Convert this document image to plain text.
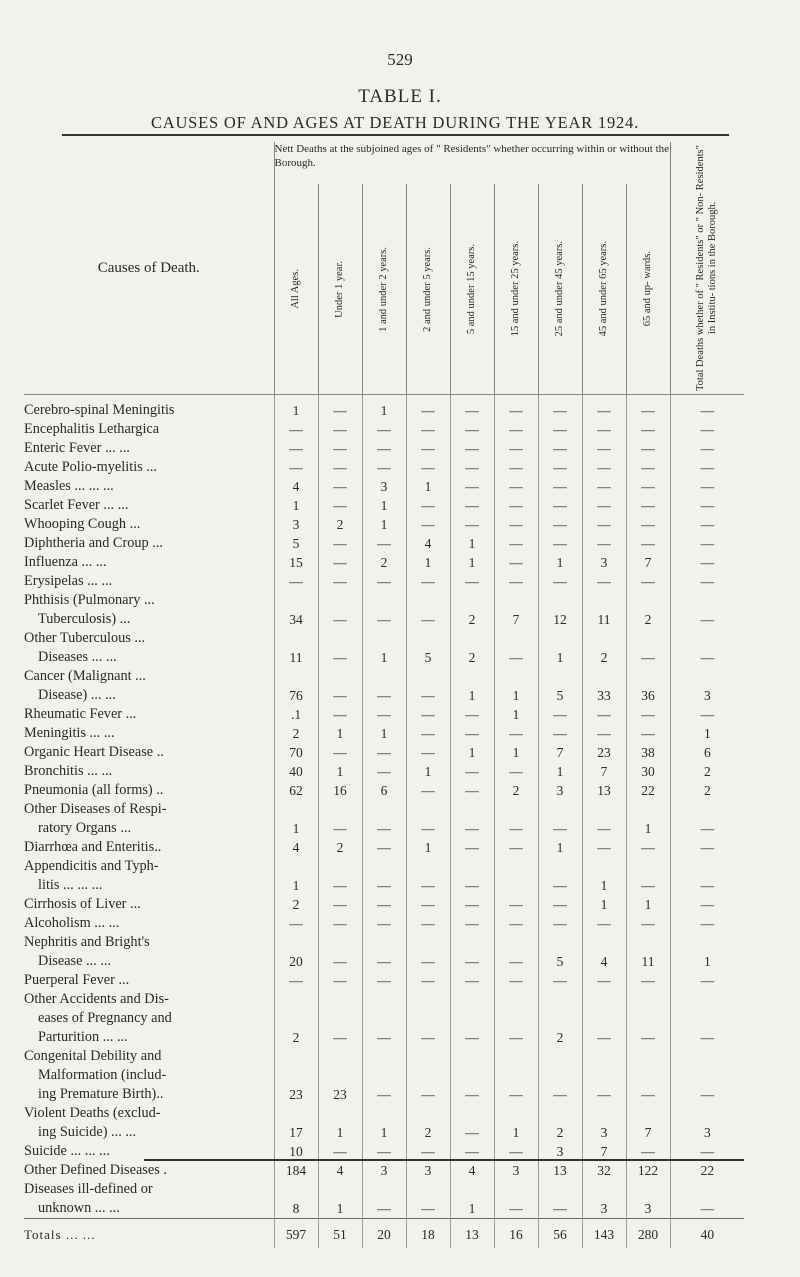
529
TABLE I.
CAUSES OF AND AGES AT DEATH DURING THE YEAR 1924.
Causes of Death.	Nett Deaths at the subjoined ages of " Residents" whether occurring within or without the Borough.									Total Deaths whether of " Residents" or " Non- Residents" in Institu- tions in the Borough.

	All Ages.	Under 1 year.	1 and under 2 years.	2 and under 5 years.	5 and under 15 years.	15 and under 25 years.	25 and under 45 years.	45 and under 65 years.	65 and up- wards.	

Cerebro-spinal Meningitis	1	—	1	—	—	—	—	—	—	—

Encephalitis Lethargica	—	—	—	—	—	—	—	—	—	—

Enteric Fever ... ...	—	—	—	—	—	—	—	—	—	—

Acute Polio-myelitis ...	—	—	—	—	—	—	—	—	—	—

Measles ... ... ...	4	—	3	1	—	—	—	—	—	—

Scarlet Fever ... ...	1	—	1	—	—	—	—	—	—	—

Whooping Cough ...	3	2	1	—	—	—	—	—	—	—

Diphtheria and Croup ...	5	—	—	4	1	—	—	—	—	—

Influenza ... ...	15	—	2	1	1	—	1	3	7	—

Erysipelas ... ...	—	—	—	—	—	—	—	—	—	—

Phthisis (Pulmonary ...
Tuberculosis) ...	34	—	—	—	2	7	12	11	2	—

Other Tuberculous ...
Diseases ... ...	11	—	1	5	2	—	1	2	—	—

Cancer (Malignant ...
Disease) ... ...	76	—	—	—	1	1	5	33	36	3

Rheumatic Fever ...	.1	—	—	—	—	1	—	—	—	—

Meningitis ... ...	2	1	1	—	—	—	—	—	—	1

Organic Heart Disease ..	70	—	—	—	1	1	7	23	38	6

Bronchitis ... ...	40	1	—	1	—	—	1	7	30	2

Pneumonia (all forms) ..	62	16	6	—	—	2	3	13	22	2

Other Diseases of Respi-
ratory Organs ...	1	—	—	—	—	—	—	—	1	—

Diarrhœa and Enteritis..	4	2	—	1	—	—	1	—	—	—

Appendicitis and Typh-
litis ... ... ...	1	—	—	—	—		—	1	—	—

Cirrhosis of Liver ...	2	—	—	—	—	—	—	1	1	—

Alcoholism ... ...	—	—	—	—	—	—	—	—	—	—

Nephritis and Bright's
Disease ... ...	20	—	—	—	—	—	5	4	11	1

Puerperal Fever ...	—	—	—	—	—	—	—	—	—	—

Other Accidents and Dis-
eases of Pregnancy and
Parturition ... ...	2	—	—	—	—	—	2	—	—	—

Congenital Debility and
Malformation (includ-
ing Premature Birth)..	23	23	—	—	—	—	—	—	—	—

Violent Deaths (exclud-
ing Suicide) ... ...	17	1	1	2	—	1	2	3	7	3

Suicide ... ... ...	10	—	—	—	—	—	3	7	—	—

Other Defined Diseases .	184	4	3	3	4	3	13	32	122	22

Diseases ill-defined or
unknown ... ...	8	1	—	—	1	—	—	3	3	—
Totals ... ...	597	51	20	18	13	16	56	143	280	40
